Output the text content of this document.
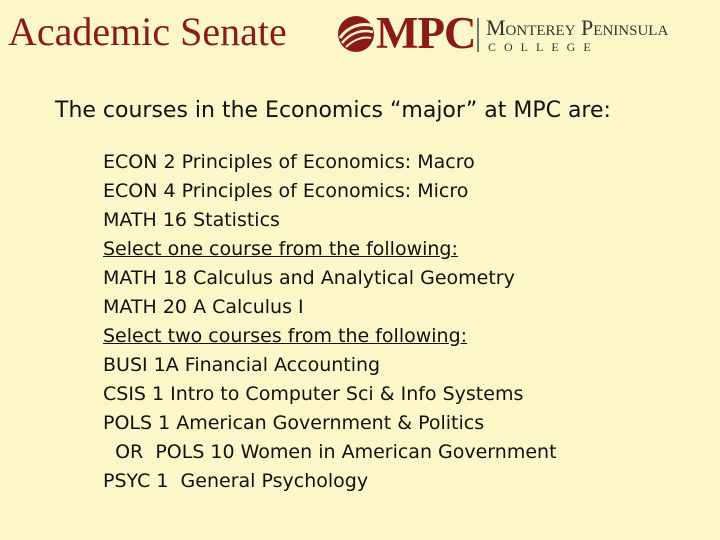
Academic Senate MPC Monterey Peninsula
COLLEGE
The courses in the Economics “major” at MPC are:
ECON 2 Principles of Economics: Macro
ECON 4 Principles of Economics: Micro
MATH 16 Statistics
Select one course from the following:
MATH 18 Calculus and Analytical Geometry
MATH 20 A Calculus I
Select two courses from the following:
BUSI 1A Financial Accounting
CSIS 1 Intro to Computer Sci & Info Systems
POLS 1 American Government & Politics
OR  POLS 10 Women in American Government
PSYC 1  General Psychology
